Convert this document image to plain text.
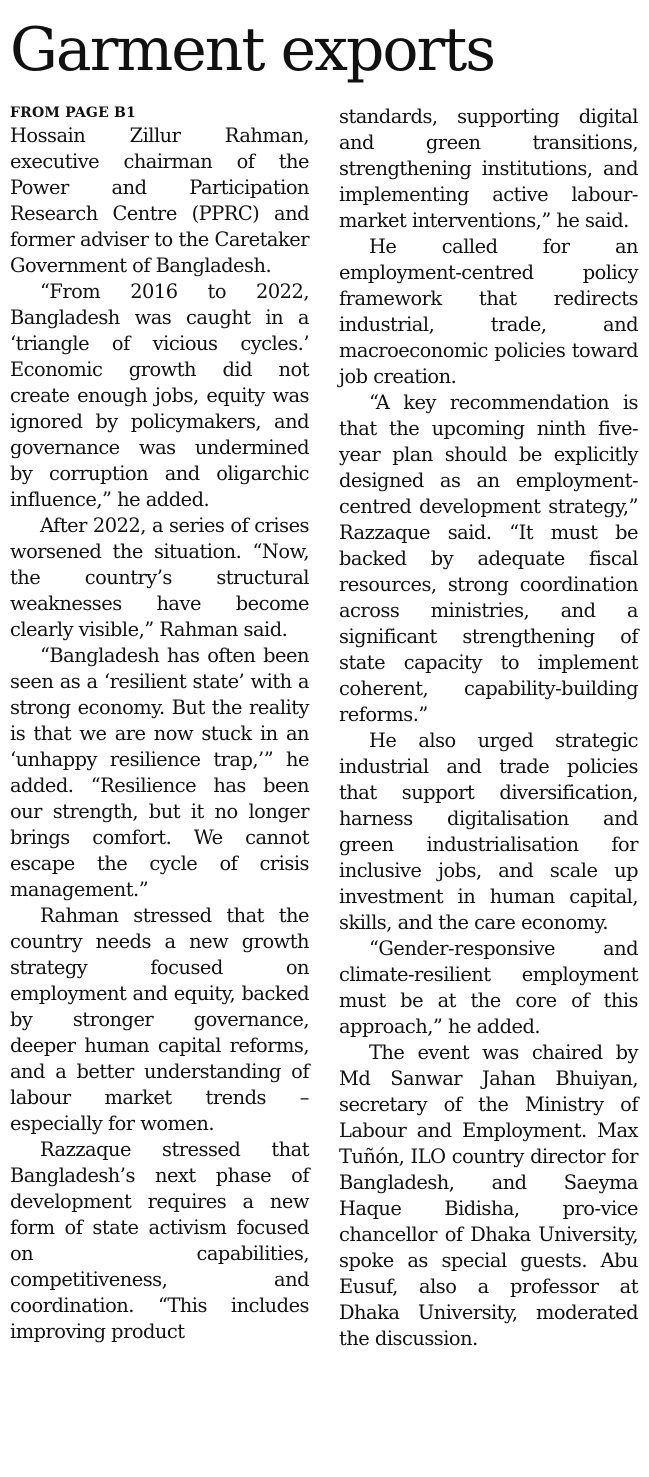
Garment exports
FROM PAGE B1

Hossain Zillur Rahman, executive chairman of the Power and Participation Research Centre (PPRC) and former adviser to the Caretaker Government of Bangladesh.

“From 2016 to 2022, Bangladesh was caught in a ‘triangle of vicious cycles.’ Economic growth did not create enough jobs, equity was ignored by policymakers, and governance was undermined by corruption and oligarchic influence,” he added.

After 2022, a series of crises worsened the situation. “Now, the country’s structural weaknesses have become clearly visible,” Rahman said.

“Bangladesh has often been seen as a ‘resilient state’ with a strong economy. But the reality is that we are now stuck in an ‘unhappy resilience trap,’” he added. “Resilience has been our strength, but it no longer brings comfort. We cannot escape the cycle of crisis management.”

Rahman stressed that the country needs a new growth strategy focused on employment and equity, backed by stronger governance, deeper human capital reforms, and a better understanding of labour market trends – especially for women.

Razzaque stressed that Bangladesh’s next phase of development requires a new form of state activism focused on capabilities, competitiveness, and coordination. “This includes improving product

standards, supporting digital and green transitions, strengthening institutions, and implementing active labour-market interventions,” he said.

He called for an employment-centred policy framework that redirects industrial, trade, and macroeconomic policies toward job creation.

“A key recommendation is that the upcoming ninth five-year plan should be explicitly designed as an employment-centred development strategy,” Razzaque said. “It must be backed by adequate fiscal resources, strong coordination across ministries, and a significant strengthening of state capacity to implement coherent, capability-building reforms.”

He also urged strategic industrial and trade policies that support diversification, harness digitalisation and green industrialisation for inclusive jobs, and scale up investment in human capital, skills, and the care economy.

“Gender-responsive and climate-resilient employment must be at the core of this approach,” he added.

The event was chaired by Md Sanwar Jahan Bhuiyan, secretary of the Ministry of Labour and Employment. Max Tuñón, ILO country director for Bangladesh, and Saeyma Haque Bidisha, pro-vice chancellor of Dhaka University, spoke as special guests. Abu Eusuf, also a professor at Dhaka University, moderated the discussion.
